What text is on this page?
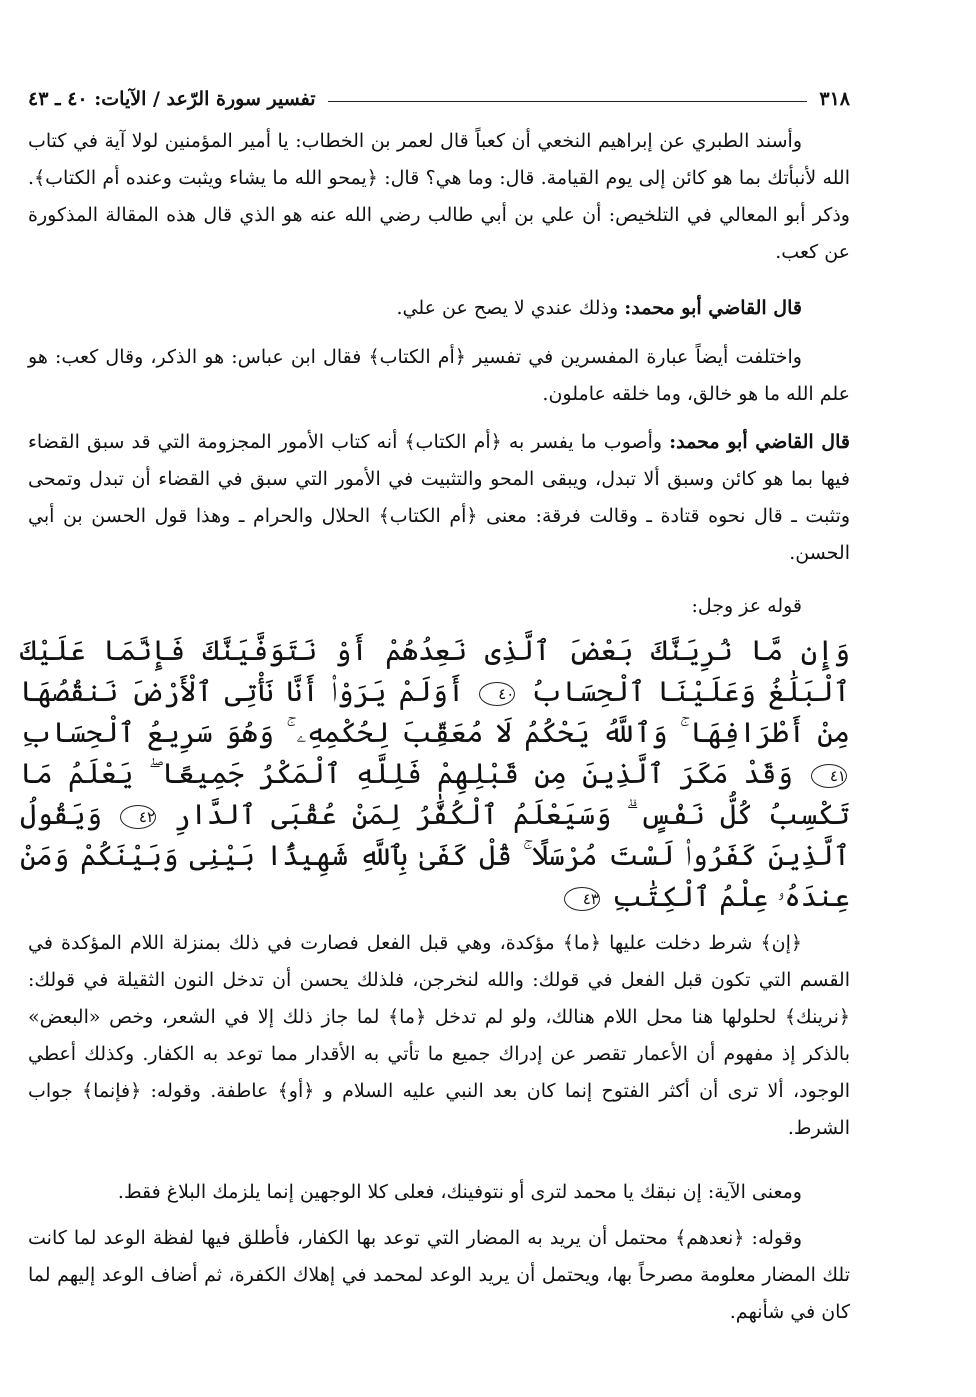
٣١٨
تفسير سورة الرّعد / الآيات: ٤٠ ـ ٤٣
وأسند الطبري عن إبراهيم النخعي أن كعباً قال لعمر بن الخطاب: يا أمير المؤمنين لولا آية في كتاب الله لأنبأتك بما هو كائن إلى يوم القيامة. قال: وما هي؟ قال: ﴿يمحو الله ما يشاء ويثبت وعنده أم الكتاب﴾. وذكر أبو المعالي في التلخيص: أن علي بن أبي طالب رضي الله عنه هو الذي قال هذه المقالة المذكورة عن كعب.
قال القاضي أبو محمد: وذلك عندي لا يصح عن علي.
واختلفت أيضاً عبارة المفسرين في تفسير ﴿أم الكتاب﴾ فقال ابن عباس: هو الذكر، وقال كعب: هو علم الله ما هو خالق، وما خلقه عاملون.
قال القاضي أبو محمد: وأصوب ما يفسر به ﴿أم الكتاب﴾ أنه كتاب الأمور المجزومة التي قد سبق القضاء فيها بما هو كائن وسبق ألا تبدل، ويبقى المحو والتثبيت في الأمور التي سبق في القضاء أن تبدل وتمحى وتثبت ـ قال نحوه قتادة ـ وقالت فرقة: معنى ﴿أم الكتاب﴾ الحلال والحرام ـ وهذا قول الحسن بن أبي الحسن.
قوله عز وجل:
وَإِن مَّا نُرِيَنَّكَ بَعْضَ ٱلَّذِى نَعِدُهُمْ أَوْ نَتَوَفَّيَنَّكَ فَإِنَّمَا عَلَيْكَ ٱلْبَلَٰغُ وَعَلَيْنَا ٱلْحِسَابُ ٤٠ أَوَلَمْ يَرَوْا۟ أَنَّا نَأْتِى ٱلْأَرْضَ نَنقُصُهَا مِنْ أَطْرَافِهَا ۚ وَٱللَّهُ يَحْكُمُ لَا مُعَقِّبَ لِحُكْمِهِۦ ۚ وَهُوَ سَرِيعُ ٱلْحِسَابِ ٤١ وَقَدْ مَكَرَ ٱلَّذِينَ مِن قَبْلِهِمْ فَلِلَّهِ ٱلْمَكْرُ جَمِيعًا ۖ يَعْلَمُ مَا تَكْسِبُ كُلُّ نَفْسٍ ۗ وَسَيَعْلَمُ ٱلْكُفَّٰرُ لِمَنْ عُقْبَى ٱلدَّارِ ٤٢ وَيَقُولُ ٱلَّذِينَ كَفَرُوا۟ لَسْتَ مُرْسَلًا ۚ قُلْ كَفَىٰ بِٱللَّهِ شَهِيدًۢا بَيْنِى وَبَيْنَكُمْ وَمَنْ عِندَهُۥ عِلْمُ ٱلْكِتَٰبِ ٤٣
﴿إن﴾ شرط دخلت عليها ﴿ما﴾ مؤكدة، وهي قبل الفعل فصارت في ذلك بمنزلة اللام المؤكدة في القسم التي تكون قبل الفعل في قولك: والله لنخرجن، فلذلك يحسن أن تدخل النون الثقيلة في قولك: ﴿نرينك﴾ لحلولها هنا محل اللام هنالك، ولو لم تدخل ﴿ما﴾ لما جاز ذلك إلا في الشعر، وخص «البعض» بالذكر إذ مفهوم أن الأعمار تقصر عن إدراك جميع ما تأتي به الأقدار مما توعد به الكفار. وكذلك أعطي الوجود، ألا ترى أن أكثر الفتوح إنما كان بعد النبي عليه السلام و ﴿أو﴾ عاطفة. وقوله: ﴿فإنما﴾ جواب الشرط.
ومعنى الآية: إن نبقك يا محمد لترى أو نتوفينك، فعلى كلا الوجهين إنما يلزمك البلاغ فقط.
وقوله: ﴿نعدهم﴾ محتمل أن يريد به المضار التي توعد بها الكفار، فأطلق فيها لفظة الوعد لما كانت تلك المضار معلومة مصرحاً بها، ويحتمل أن يريد الوعد لمحمد في إهلاك الكفرة، ثم أضاف الوعد إليهم لما كان في شأنهم.
